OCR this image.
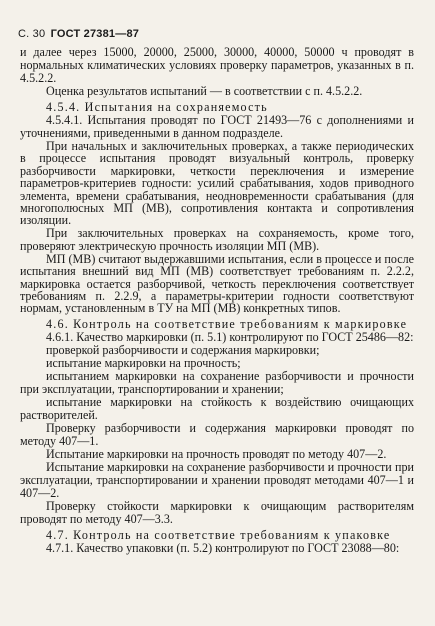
С. 30 ГОСТ 27381—87

и далее через 15000, 20000, 25000, 30000, 40000, 50000 ч проводят в нормальных климатических условиях проверку параметров, указанных в п. 4.5.2.2.

Оценка результатов испытаний — в соответствии с п. 4.5.2.2.

4.5.4. Испытания на сохраняемость

4.5.4.1. Испытания проводят по ГОСТ 21493—76 с дополнениями и уточнениями, приведенными в данном подразделе.

При начальных и заключительных проверках, а также периодических в процессе испытания проводят визуальный контроль, проверку разборчивости маркировки, четкости переключения и измерение параметров-критериев годности: усилий срабатывания, ходов приводного элемента, времени срабатывания, неодновременности срабатывания (для многополюсных МП (МВ), сопротивления контакта и сопротивления изоляции.

При заключительных проверках на сохраняемость, кроме того, проверяют электрическую прочность изоляции МП (МВ).

МП (МВ) считают выдержавшими испытания, если в процессе и после испытания внешний вид МП (МВ) соответствует требованиям п. 2.2.2, маркировка остается разборчивой, четкость переключения соответствует требованиям п. 2.2.9, а параметры-критерии годности соответствуют нормам, установленным в ТУ на МП (МВ) конкретных типов.

4.6. Контроль на соответствие требованиям к маркировке

4.6.1. Качество маркировки (п. 5.1) контролируют по ГОСТ 25486—82:

проверкой разборчивости и содержания маркировки;

испытание маркировки на прочность;

испытанием маркировки на сохранение разборчивости и прочности при эксплуатации, транспортировании и хранении;

испытание маркировки на стойкость к воздействию очищающих растворителей.

Проверку разборчивости и содержания маркировки проводят по методу 407—1.

Испытание маркировки на прочность проводят по методу 407—2.

Испытание маркировки на сохранение разборчивости и прочности при эксплуатации, транспортировании и хранении проводят методами 407—1 и 407—2.

Проверку стойкости маркировки к очищающим растворителям проводят по методу 407—3.3.

4.7. Контроль на соответствие требованиям к упаковке

4.7.1. Качество упаковки (п. 5.2) контролируют по ГОСТ 23088—80:
